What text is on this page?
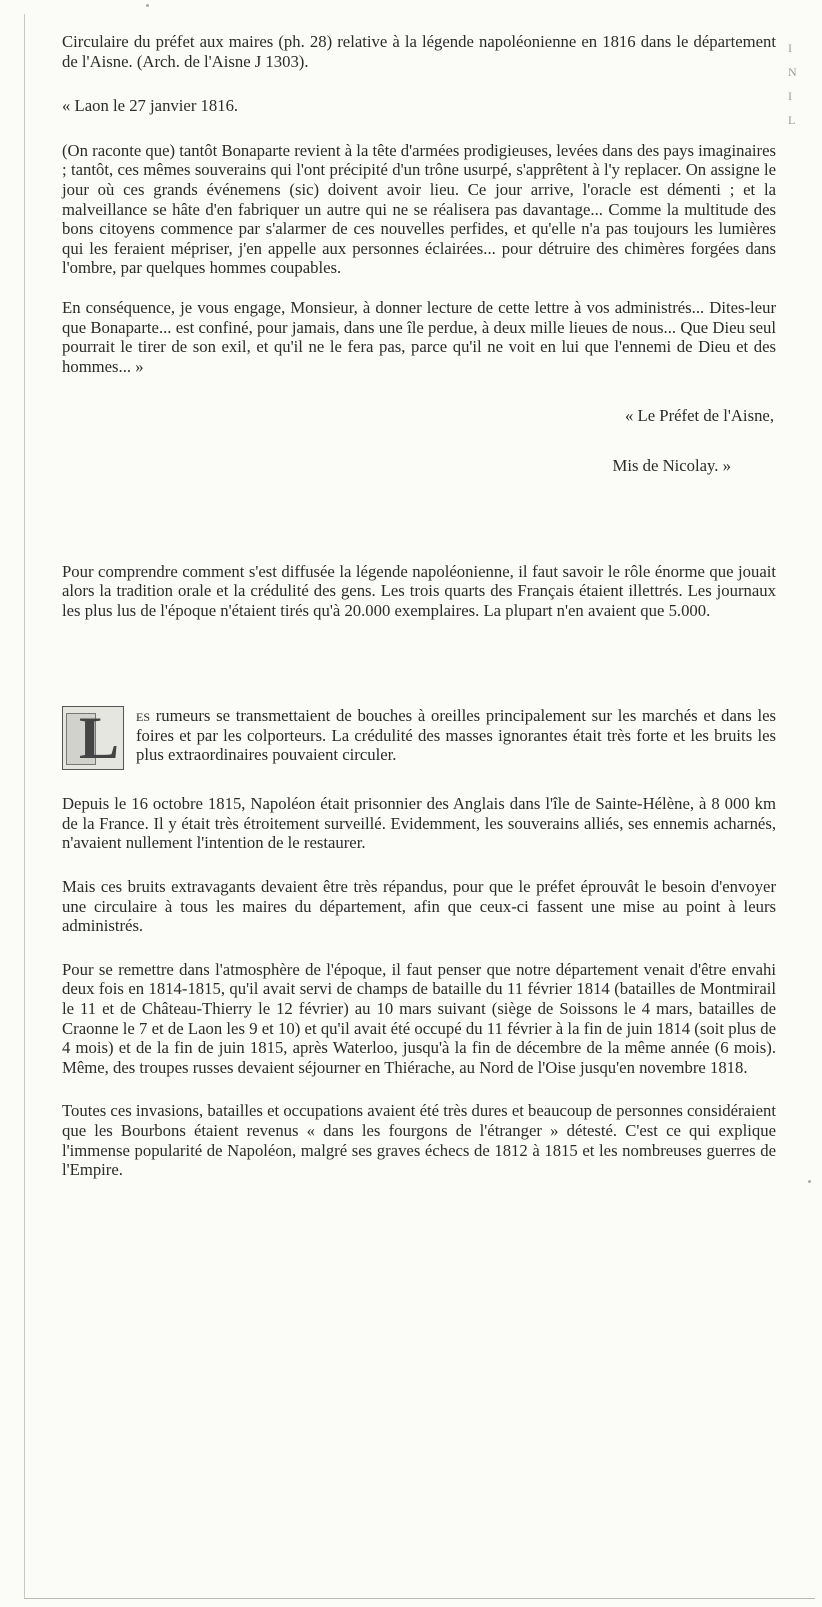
I
N
I
L

Circulaire du préfet aux maires (ph. 28) relative à la légende napoléonienne en 1816 dans le département de l'Aisne. (Arch. de l'Aisne J 1303).

« Laon le 27 janvier 1816.

(On raconte que) tantôt Bonaparte revient à la tête d'armées prodigieuses, levées dans des pays imaginaires ; tantôt, ces mêmes souverains qui l'ont précipité d'un trône usurpé, s'apprêtent à l'y replacer. On assigne le jour où ces grands événemens (sic) doivent avoir lieu. Ce jour arrive, l'oracle est démenti ; et la malveillance se hâte d'en fabriquer un autre qui ne se réalisera pas davantage... Comme la multitude des bons citoyens commence par s'alarmer de ces nouvelles perfides, et qu'elle n'a pas toujours les lumières qui les feraient mépriser, j'en appelle aux personnes éclairées... pour détruire des chimères forgées dans l'ombre, par quelques hommes coupables.

En conséquence, je vous engage, Monsieur, à donner lecture de cette lettre à vos administrés... Dites-leur que Bonaparte... est confiné, pour jamais, dans une île perdue, à deux mille lieues de nous... Que Dieu seul pourrait le tirer de son exil, et qu'il ne le fera pas, parce qu'il ne voit en lui que l'ennemi de Dieu et des hommes... »

« Le Préfet de l'Aisne,

Mis de Nicolay. »

Pour comprendre comment s'est diffusée la légende napoléonienne, il faut savoir le rôle énorme que jouait alors la tradition orale et la crédulité des gens. Les trois quarts des Français étaient illettrés. Les journaux les plus lus de l'époque n'étaient tirés qu'à 20.000 exemplaires. La plupart n'en avaient que 5.000.

L	es rumeurs se transmettaient de bouches à oreilles principalement sur les marchés et dans les foires et par les colporteurs. La crédulité des masses ignorantes était très forte et les bruits les plus extraordinaires pouvaient circuler.

Depuis le 16 octobre 1815, Napoléon était prisonnier des Anglais dans l'île de Sainte-Hélène, à 8 000 km de la France. Il y était très étroitement surveillé. Evidemment, les souverains alliés, ses ennemis acharnés, n'avaient nullement l'intention de le restaurer.

Mais ces bruits extravagants devaient être très répandus, pour que le préfet éprouvât le besoin d'envoyer une circulaire à tous les maires du département, afin que ceux-ci fassent une mise au point à leurs administrés.

Pour se remettre dans l'atmosphère de l'époque, il faut penser que notre département venait d'être envahi deux fois en 1814-1815, qu'il avait servi de champs de bataille du 11 février 1814 (batailles de Montmirail le 11 et de Château-Thierry le 12 février) au 10 mars suivant (siège de Soissons le 4 mars, batailles de Craonne le 7 et de Laon les 9 et 10) et qu'il avait été occupé du 11 février à la fin de juin 1814 (soit plus de 4 mois) et de la fin de juin 1815, après Waterloo, jusqu'à la fin de décembre de la même année (6 mois). Même, des troupes russes devaient séjourner en Thiérache, au Nord de l'Oise jusqu'en novembre 1818.

Toutes ces invasions, batailles et occupations avaient été très dures et beaucoup de personnes considéraient que les Bourbons étaient revenus « dans les fourgons de l'étranger » détesté. C'est ce qui explique l'immense popularité de Napoléon, malgré ses graves échecs de 1812 à 1815 et les nombreuses guerres de l'Empire.
